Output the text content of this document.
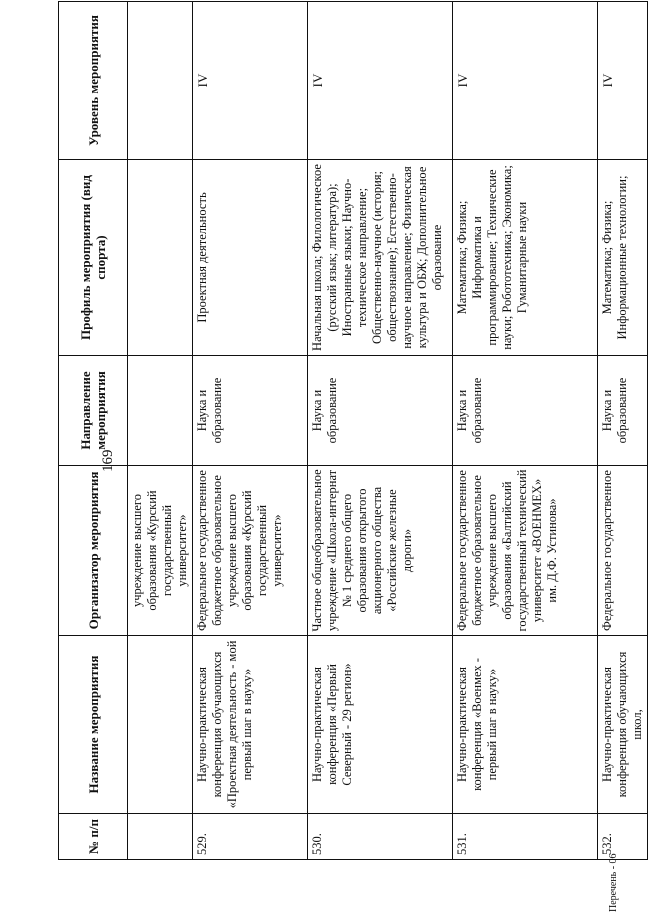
169
№ п/п	Название мероприятия	Организатор мероприятия	Направление мероприятия	Профиль мероприятия (вид спорта)	Уровень мероприятия
		учреждение высшего образования «Курский государственный университет»			
529.	Научно-практическая конференция обучающихся «Проектная деятельность - мой первый шаг в науку»	Федеральное государственное бюджетное образовательное учреждение высшего образования «Курский государственный университет»	Наука и образование	Проектная деятельность	IV
530.	Научно-практическая конференция «Первый Северный - 29 регион»	Частное общеобразовательное учреждение «Школа-интернат № 1 среднего общего образования открытого акционерного общества «Российские железные дороги»	Наука и образование	Начальная школа; Филологическое (русский язык; литература); Иностранные языки; Научно-техническое направление; Общественно-научное (история; обществознание); Естественно-научное направление; Физическая культура и ОБЖ; Дополнительное образование	IV
531.	Научно-практическая конференция «Военмех - первый шаг в науку»	Федеральное государственное бюджетное образовательное учреждение высшего образования «Балтийский государственный технический университет «ВОЕНМЕХ» им. Д.Ф. Устинова»	Наука и образование	Математика; Физика; Информатика и программирование; Технические науки; Робототехника; Экономика; Гуманитарные науки	IV
532.	Научно-практическая конференция обучающихся школ,	Федеральное государственное	Наука и образование	Математика; Физика; Информационные технологии;	IV
Перечень - 06
